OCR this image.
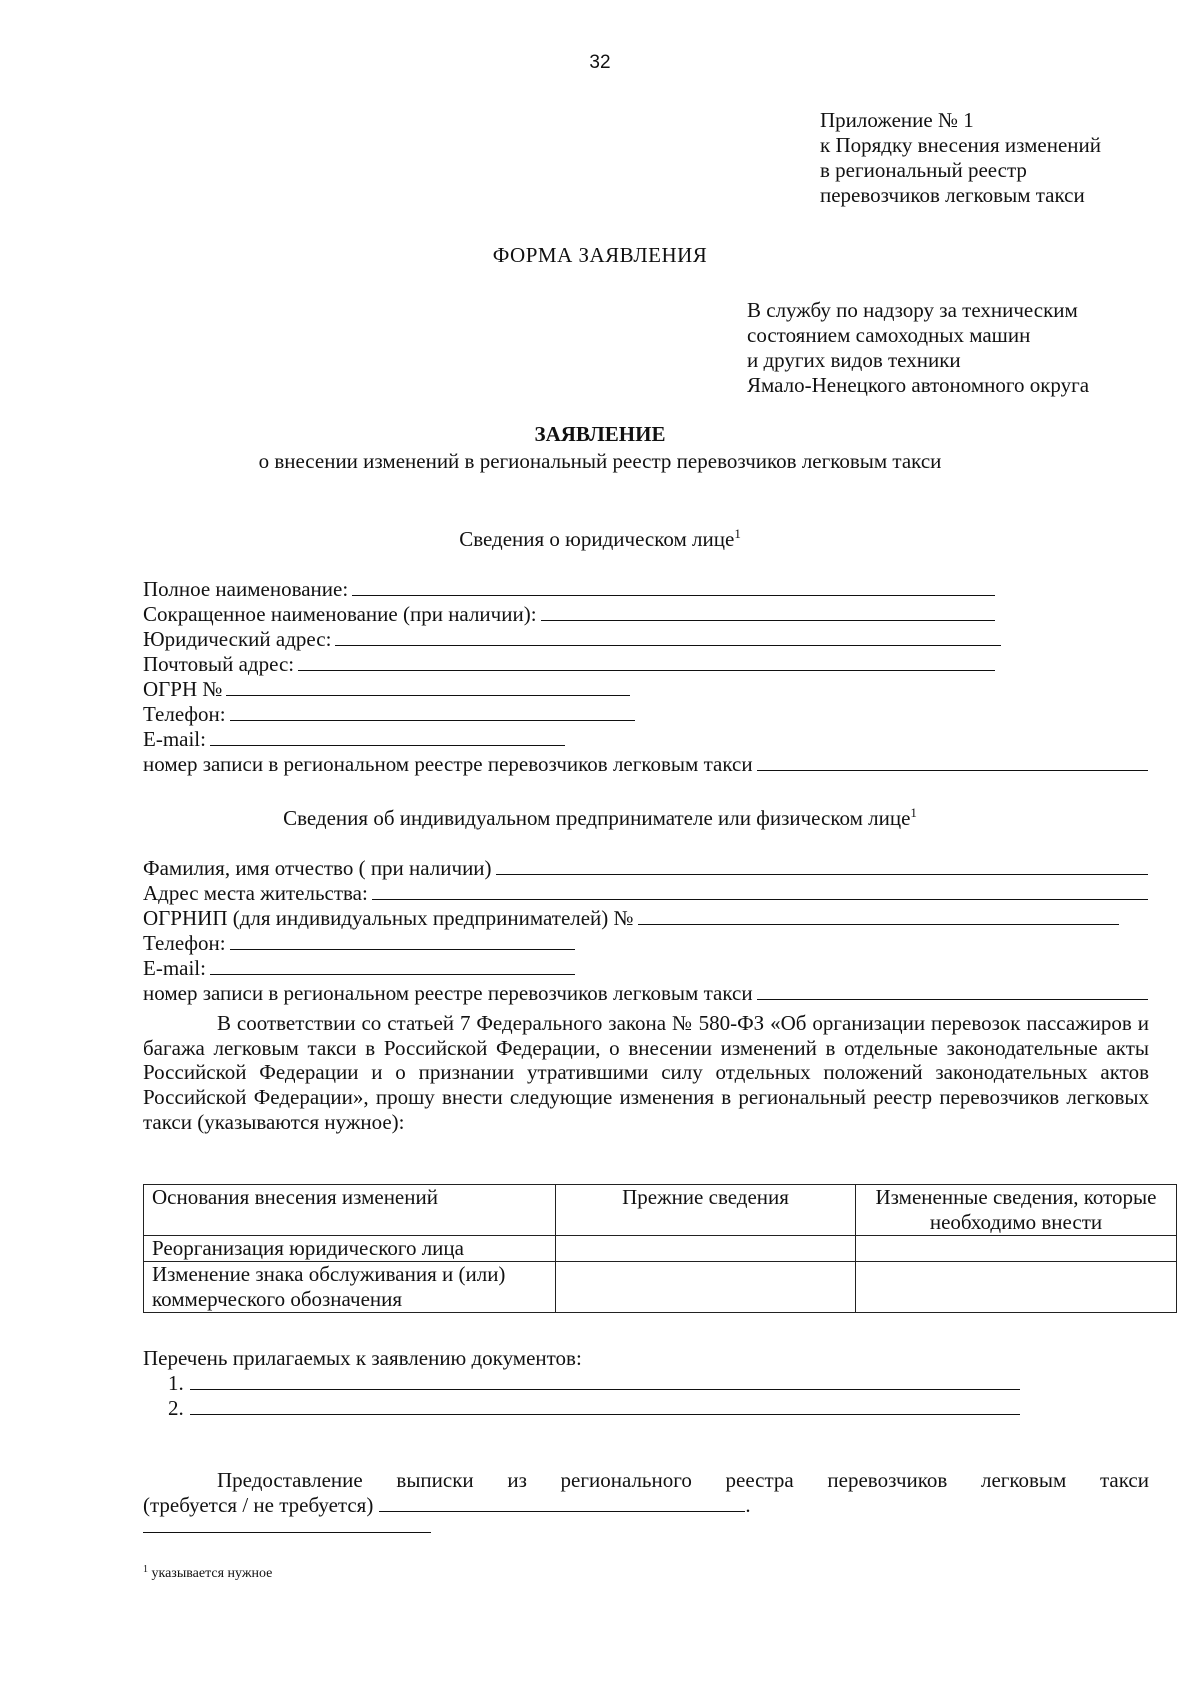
32
Приложение № 1
к Порядку внесения изменений
в региональный реестр
перевозчиков легковым такси
ФОРМА ЗАЯВЛЕНИЯ
В службу по надзору за техническим
состоянием самоходных машин
и других видов техники
Ямало-Ненецкого автономного округа
ЗАЯВЛЕНИЕ
о внесении изменений в региональный реестр перевозчиков легковым такси
Сведения о юридическом лице$^1$
Полное наименование:
Сокращенное наименование (при наличии):
Юридический адрес:
Почтовый адрес:
ОГРН №
Телефон:
E-mail:
номер записи в региональном реестре перевозчиков легковым такси
Сведения об индивидуальном предпринимателе или физическом лице$^1$
Фамилия, имя отчество ( при наличии)
Адрес места жительства:
ОГРНИП (для индивидуальных предпринимателей) №
Телефон:
E-mail:
номер записи в региональном реестре перевозчиков легковым такси
В соответствии со статьей 7 Федерального закона № 580-ФЗ «Об организации перевозок пассажиров и багажа легковым такси в Российской Федерации, о внесении изменений в отдельные законодательные акты Российской Федерации и о признании утратившими силу отдельных положений законодательных актов Российской Федерации», прошу внести следующие изменения в региональный реестр перевозчиков легковых такси (указываются нужное):
Основания внесения изменений	Прежние сведения	Измененные сведения, которые необходимо внести
Реорганизация юридического лица		
Изменение знака обслуживания и (или) коммерческого обозначения		
Перечень прилагаемых к заявлению документов:
1.
2.
Предоставление выписки из регионального реестра перевозчиков легковым такси
(требуется / не требуется)	.
$^1$ указывается нужное
